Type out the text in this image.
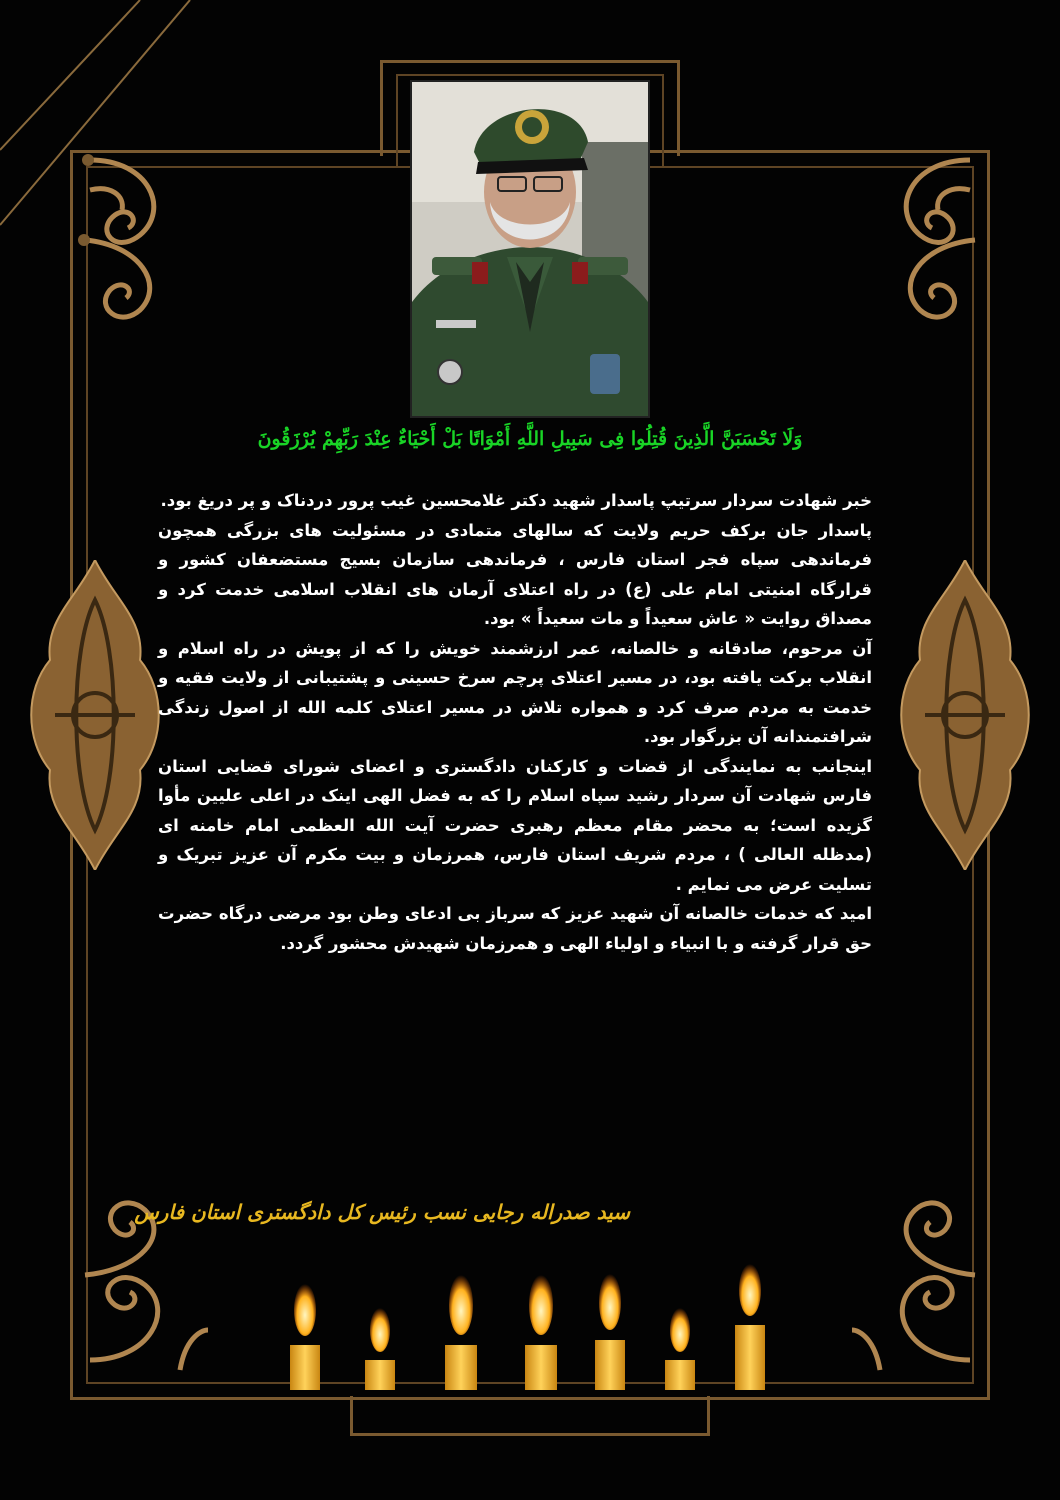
وَلَا تَحْسَبَنَّ الَّذِینَ قُتِلُوا فِی سَبِیلِ اللَّهِ أَمْوَاتًا بَلْ أَحْیَاءٌ عِنْدَ رَبِّهِمْ یُرْزَقُونَ

خبر شهادت سردار سرتیپ پاسدار شهید دکتر غلامحسین غیب پرور دردناک و پر دریغ بود.

پاسدار جان برکف حریم ولایت که سالهای متمادی در مسئولیت های بزرگی همچون فرماندهی سپاه فجر استان فارس ، فرماندهی سازمان بسیج مستضعفان کشور و قرارگاه امنیتی امام علی (ع) در راه اعتلای آرمان های انقلاب اسلامی خدمت کرد و مصداق روایت « عاش سعیداً و مات سعیداً » بود.

آن مرحوم، صادقانه و خالصانه، عمر ارزشمند خویش را که از پویش در راه اسلام و انقلاب برکت یافته بود، در مسیر اعتلای پرچم سرخ حسینی و پشتیبانی از ولایت فقیه و خدمت به مردم صرف کرد و همواره تلاش در مسیر اعتلای کلمه الله از اصول زندگی شرافتمندانه آن بزرگوار بود.

اینجانب به نمایندگی از قضات و کارکنان دادگستری و اعضای شورای قضایی استان فارس شهادت آن سردار رشید سپاه اسلام را که به فضل الهی اینک در اعلی علیین مأوا گزیده است؛ به محضر مقام معظم رهبری حضرت آیت الله العظمی امام خامنه ای (مدظله العالی ) ، مردم شریف استان فارس، همرزمان و بیت مکرم آن عزیز تبریک و تسلیت عرض می نمایم .

امید که خدمات خالصانه آن شهید عزیز که سرباز بی ادعای وطن بود مرضی درگاه حضرت حق قرار گرفته و با انبیاء و اولیاء الهی و همرزمان شهیدش محشور گردد.

سید صدراله رجایی نسب رئیس کل دادگستری استان فارس
